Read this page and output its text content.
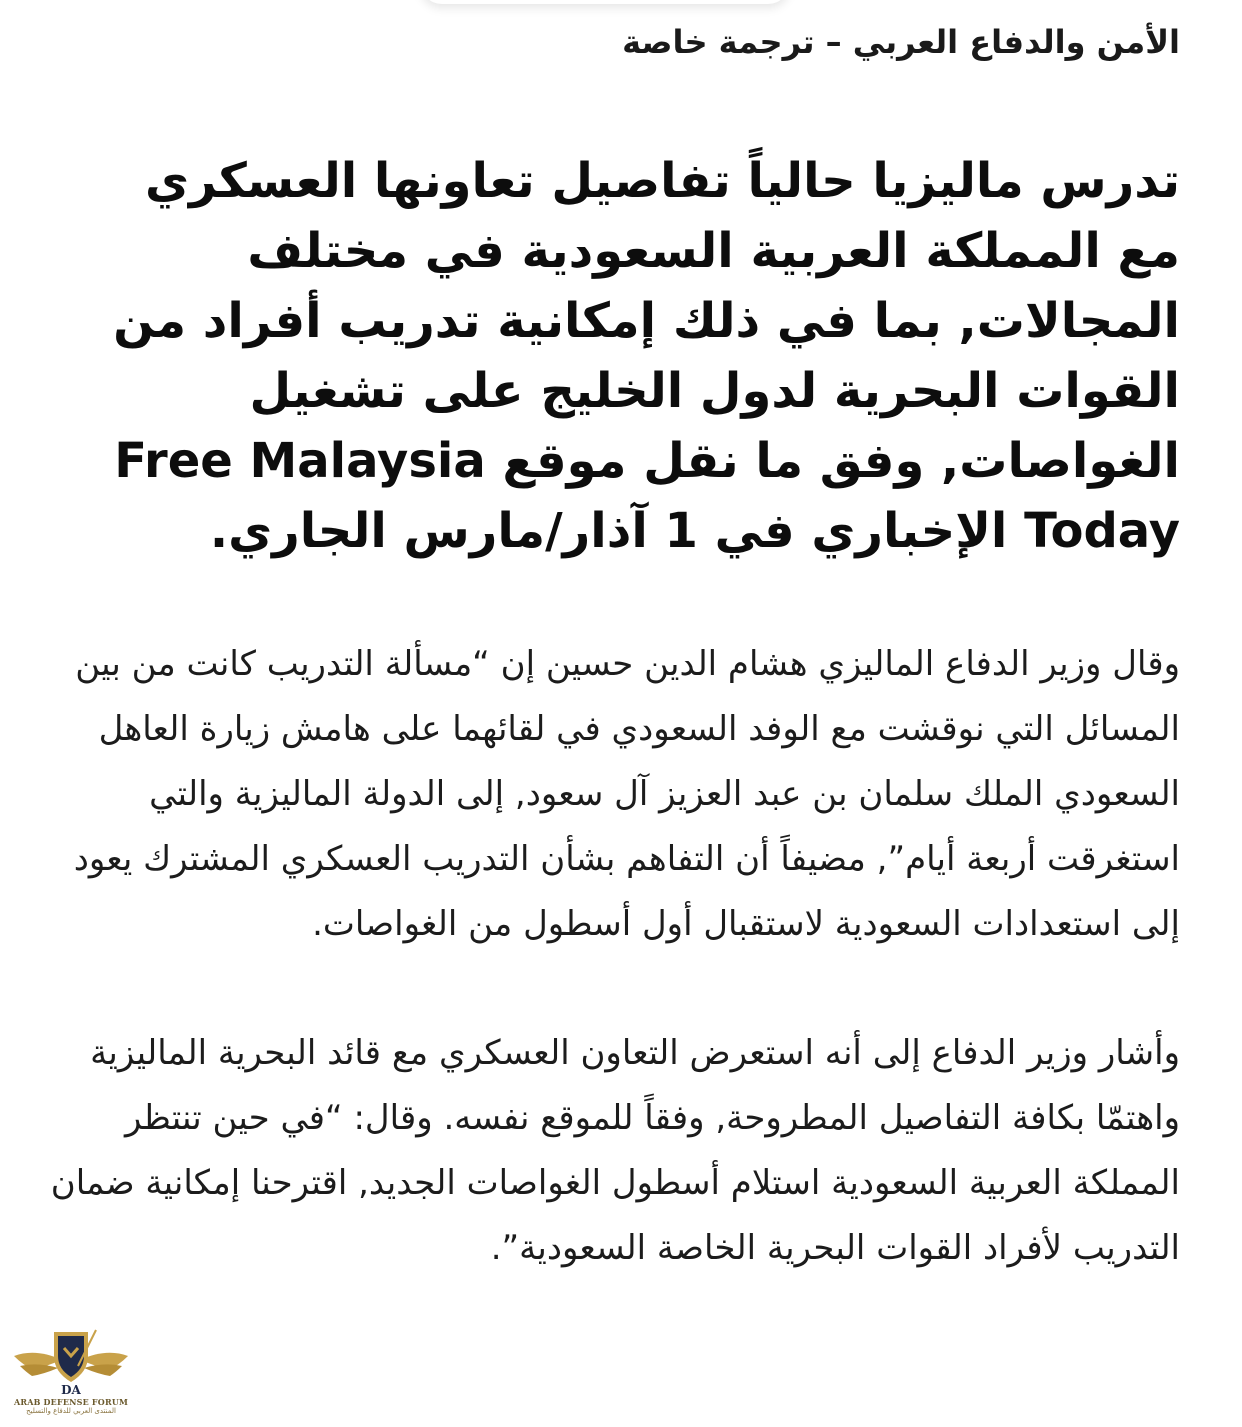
الأمن والدفاع العربي – ترجمة خاصة
تدرس ماليزيا حالياً تفاصيل تعاونها العسكري مع المملكة العربية السعودية في مختلف المجالات, بما في ذلك إمكانية تدريب أفراد من القوات البحرية لدول الخليج على تشغيل الغواصات, وفق ما نقل موقع Free Malaysia Today الإخباري في 1 آذار/مارس الجاري.
وقال وزير الدفاع الماليزي هشام الدين حسين إن “مسألة التدريب كانت من بين المسائل التي نوقشت مع الوفد السعودي في لقائهما على هامش زيارة العاهل السعودي الملك سلمان بن عبد العزيز آل سعود, إلى الدولة الماليزية والتي استغرقت أربعة أيام”, مضيفاً أن التفاهم بشأن التدريب العسكري المشترك يعود إلى استعدادات السعودية لاستقبال أول أسطول من الغواصات.
وأشار وزير الدفاع إلى أنه استعرض التعاون العسكري مع قائد البحرية الماليزية واهتمّا بكافة التفاصيل المطروحة, وفقاً للموقع نفسه. وقال: “في حين تنتظر المملكة العربية السعودية استلام أسطول الغواصات الجديد, اقترحنا إمكانية ضمان التدريب لأفراد القوات البحرية الخاصة السعودية”.
DA
ARAB DEFENSE FORUM
المنتدى العربي للدفاع والتسليح
